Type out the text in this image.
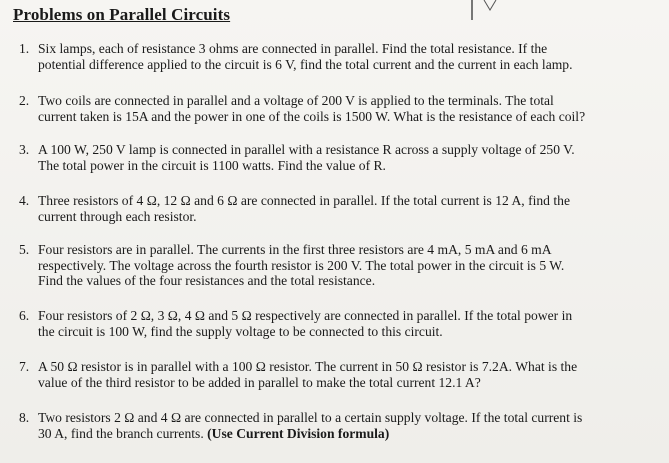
Problems on Parallel Circuits
1. Six lamps, each of resistance 3 ohms are connected in parallel. Find the total resistance. If the
potential difference applied to the circuit is 6 V, find the total current and the current in each lamp.
2. Two coils are connected in parallel and a voltage of 200 V is applied to the terminals. The total
current taken is 15A and the power in one of the coils is 1500 W. What is the resistance of each coil?
3. A 100 W, 250 V lamp is connected in parallel with a resistance R across a supply voltage of 250 V.
The total power in the circuit is 1100 watts. Find the value of R.
4. Three resistors of 4 Ω, 12 Ω and 6 Ω are connected in parallel. If the total current is 12 A, find the
current through each resistor.
5. Four resistors are in parallel. The currents in the first three resistors are 4 mA, 5 mA and 6 mA
respectively. The voltage across the fourth resistor is 200 V. The total power in the circuit is 5 W.
Find the values of the four resistances and the total resistance.
6. Four resistors of 2 Ω, 3 Ω, 4 Ω and 5 Ω respectively are connected in parallel. If the total power in
the circuit is 100 W, find the supply voltage to be connected to this circuit.
7. A 50 Ω resistor is in parallel with a 100 Ω resistor. The current in 50 Ω resistor is 7.2A. What is the
value of the third resistor to be added in parallel to make the total current 12.1 A?
8. Two resistors 2 Ω and 4 Ω are connected in parallel to a certain supply voltage. If the total current is
30 A, find the branch currents. (Use Current Division formula)
